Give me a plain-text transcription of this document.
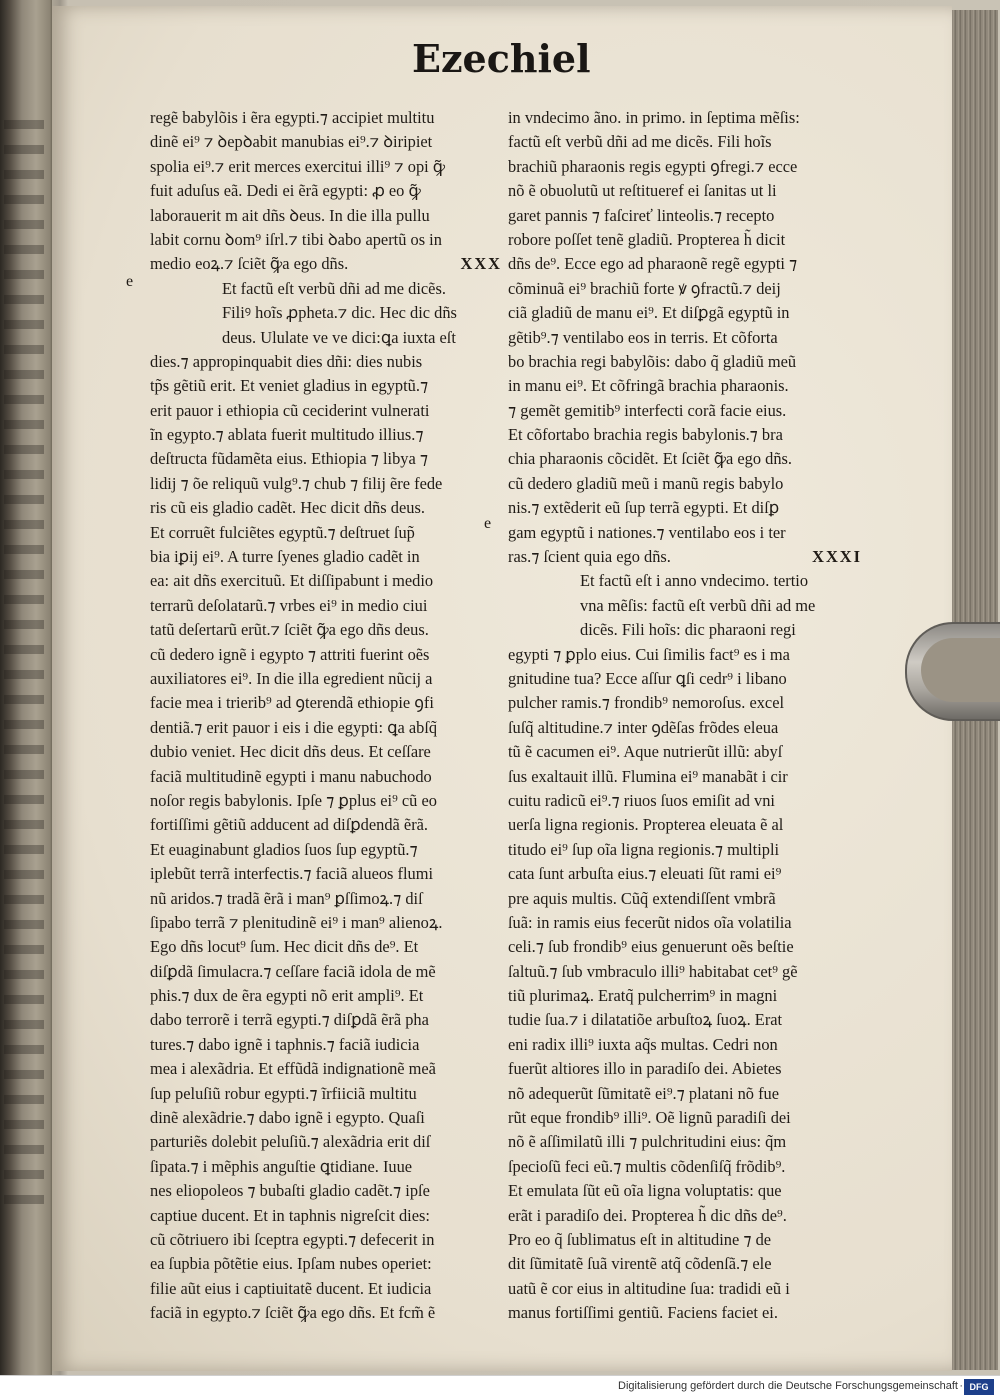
Ezechiel
regẽ babylõis i ẽra egypti.⁊ accipiet multitu
dinẽ ei⁹ ⁊ ꝺepꝺabit manubias ei⁹.⁊ ꝺiripiet
spolia ei⁹.⁊ erit merces exercitui illi⁹ ⁊ opi ꝙ̃
fuit aduſus eã. Dedi ei ẽrã egypti: ꝓ eo ꝙ̃
laborauerit m ait dñs ꝺeus. In die illa pullu
labit cornu ꝺom⁹ iſrl.⁊ tibi ꝺabo apertũ os in
XXX
medio eoꝝ.⁊ ſciẽt ꝙ̃a ego dñs.
Et factũ eſt verbũ dñi ad me dicẽs.
Filiꝰ hoĩs ꝓpheta.⁊ dic. Hec dic dñs
deus. Ululate ve ve dici:ꝗa iuxta eſt
dies.⁊ appropinquabit dies dñi: dies nubis
tp̃s gẽtiũ erit. Et veniet gladius in egyptũ.⁊
erit pauor i ethiopia cũ ceciderint vulnerati
ĩn egypto.⁊ ablata fuerit multitudo illius.⁊
deſtructa fũdamẽta eius. Ethiopia ⁊ libya ⁊
lidij ⁊ õe reliquũ vulg⁹.⁊ chub ⁊ filij ẽre fede
ris cũ eis gladio cadẽt. Hec dicit dñs deus.
Et corruẽt fulciẽtes egyptũ.⁊ deſtruet ſup̃
bia iꝑij ei⁹. A turre ſyenes gladio cadẽt in
ea: ait dñs exercituũ. Et diſſipabunt i medio
terrarũ deſolatarũ.⁊ vrbes ei⁹ in medio ciui
tatũ deſertarũ erũt.⁊ ſciẽt ꝙ̃a ego dñs deus.
cũ dedero ignẽ i egypto ⁊ attriti fuerint oẽs
auxiliatores ei⁹. In die illa egredient nũcij a
facie mea i trierib⁹ ad ꝯterendã ethiopie ꝯfi
dentiã.⁊ erit pauor i eis i die egypti: ꝗa abſq̃
dubio veniet. Hec dicit dñs deus. Et ceſſare
faciã multitudinẽ egypti i manu nabuchodo
noſor regis babylonis. Ipſe ⁊ ꝑplus ei⁹ cũ eo
fortiſſimi gẽtiũ adducent ad diſꝑdendã ẽrã.
Et euaginabunt gladios ſuos ſup egyptũ.⁊
iplebũt terrã interfectis.⁊ faciã alueos flumi
nũ aridos.⁊ tradã ẽrã i man⁹ ꝑſſimoꝝ.⁊ diſ
ſipabo terrã ⁊ plenitudinẽ ei⁹ i man⁹ alienoꝝ.
Ego dñs locut⁹ ſum. Hec dicit dñs de⁹. Et
diſꝑdã ſimulacra.⁊ ceſſare faciã idola de mẽ
phis.⁊ dux de ẽra egypti nõ erit ampli⁹. Et
dabo terrorẽ i terrã egypti.⁊ diſꝑdã ẽrã pha
tures.⁊ dabo ignẽ i taphnis.⁊ faciã iudicia
mea i alexãdria. Et effũdã indignationẽ meã
ſup peluſiũ robur egypti.⁊ ĩrfiiciã multitu
dinẽ alexãdrie.⁊ dabo ignẽ i egypto. Quaſi
parturiẽs dolebit peluſiũ.⁊ alexãdria erit diſ
ſipata.⁊ i mẽphis anguſtie ꝗtidiane. Iuue
nes eliopoleos ⁊ bubaſti gladio cadẽt.⁊ ipſe
captiue ducent. Et in taphnis nigreſcit dies:
cũ cõtriuero ibi ſceptra egypti.⁊ defecerit in
ea ſupbia põtẽtie eius. Ipſam nubes operiet:
filie aũt eius i captiuitatẽ ducent. Et iudicia
faciã in egypto.⁊ ſciẽt ꝙ̃a ego dñs. Et fcm̃ ẽ
in vndecimo ãno. in primo. in ſeptima mẽſis:
factũ eſt verbũ dñi ad me dicẽs. Fili hoĩs
brachiũ pharaonis regis egypti ꝯfregi.⁊ ecce
nõ ẽ obuolutũ ut reſtitueref ei ſanitas ut li
garet pannis ⁊ faſcireť linteolis.⁊ recepto
robore poſſet tenẽ gladiũ. Propterea h̃ dicit
dñs de⁹. Ecce ego ad pharaonẽ regẽ egypti ⁊
cõminuã ei⁹ brachiũ forte ꝟ ꝯfractũ.⁊ deij
ciã gladiũ de manu ei⁹. Et diſꝑgã egyptũ in
gẽtib⁹.⁊ ventilabo eos in terris. Et cõforta
bo brachia regi babylõis: dabo q̃ gladiũ meũ
in manu ei⁹. Et cõfringã brachia pharaonis.
⁊ gemẽt gemitib⁹ interfecti corã facie eius.
Et cõfortabo brachia regis babylonis.⁊ bra
chia pharaonis cõcidẽt. Et ſciẽt ꝙ̃a ego dñs.
cũ dedero gladiũ meũ i manũ regis babylo
nis.⁊ extẽderit eũ ſup terrã egypti. Et diſꝑ
gam egyptũ i nationes.⁊ ventilabo eos i ter
XXXI
ras.⁊ ſcient quia ego dñs.
Et factũ eſt i anno vndecimo. tertio
vna mẽſis: factũ eſt verbũ dñi ad me
dicẽs. Fili hoĩs: dic pharaoni regi
egypti ⁊ ꝑplo eius. Cui ſimilis fact⁹ es i ma
gnitudine tua? Ecce aſſur ꝗſi cedr⁹ i libano
pulcher ramis.⁊ frondib⁹ nemoroſus. excel
ſuſq̃ altitudine.⁊ inter ꝯdẽſas frõdes eleua
tũ ẽ cacumen ei⁹. Aque nutrierũt illũ: abyſ
ſus exaltauit illũ. Flumina ei⁹ manabãt i cir
cuitu radicũ ei⁹.⁊ riuos ſuos emiſit ad vni
uerſa ligna regionis. Propterea eleuata ẽ al
titudo ei⁹ ſup oĩa ligna regionis.⁊ multipli
cata ſunt arbuſta eius.⁊ eleuati ſũt rami ei⁹
pre aquis multis. Cũq̃ extendiſſent vmbrã
ſuã: in ramis eius fecerũt nidos oĩa volatilia
celi.⁊ ſub frondib⁹ eius genuerunt oẽs beſtie
ſaltuũ.⁊ ſub vmbraculo illi⁹ habitabat cet⁹ gẽ
tiũ plurimaꝝ. Eratq̃ pulcherrim⁹ in magni
tudie ſua.⁊ i dilatatiõe arbuſtoꝝ ſuoꝝ. Erat
eni radix illi⁹ iuxta aq̃s multas. Cedri non
fuerũt altiores illo in paradiſo dei. Abietes
nõ adequerũt ſũmitatẽ ei⁹.⁊ platani nõ fue
rũt eque frondib⁹ illi⁹. Oẽ lignũ paradiſi dei
nõ ẽ aſſimilatũ illi ⁊ pulchritudini eius: q̃m
ſpecioſũ feci eũ.⁊ multis cõdenſiſq̃ frõdib⁹.
Et emulata ſũt eũ oĩa ligna voluptatis: que
erãt i paradiſo dei. Propterea h̃ dic dñs de⁹.
Pro eo q̃ ſublimatus eſt in altitudine ⁊ de
dit ſũmitatẽ ſuã virentẽ atq̃ cõdenſã.⁊ ele
uatũ ẽ cor eius in altitudine ſua: tradidi eũ i
manus fortiſſimi gentiũ. Faciens faciet ei.
e
e
Digitalisierung gefördert durch die Deutsche Forschungsgemeinschaft · DFG
